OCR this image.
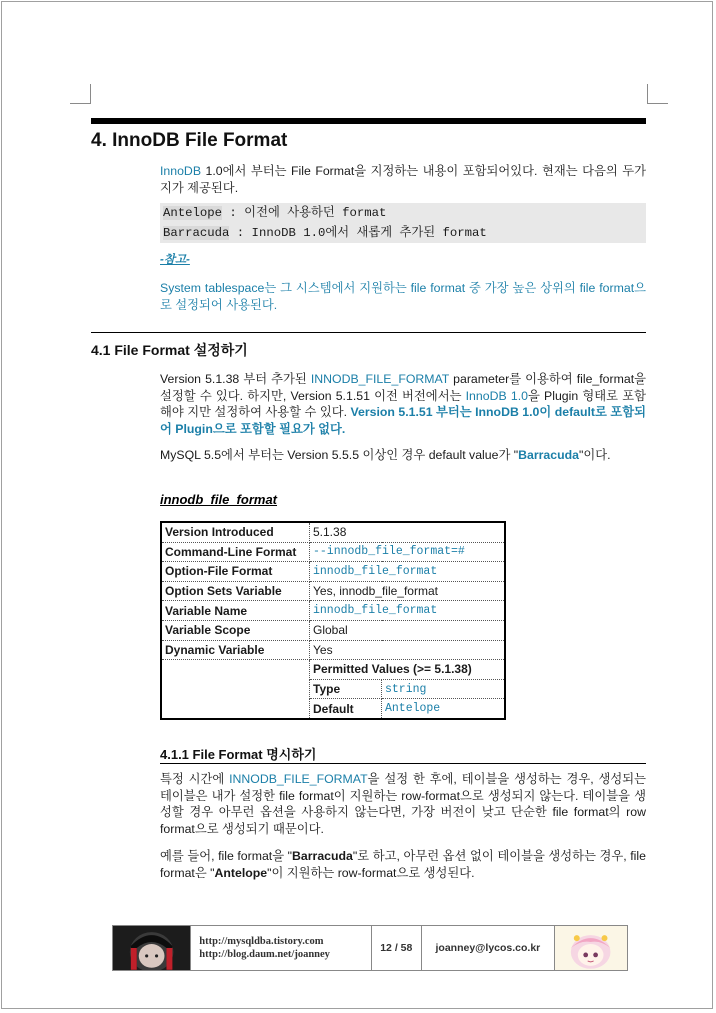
4. InnoDB File Format
InnoDB 1.0에서 부터는 File Format을 지정하는 내용이 포함되어있다. 현재는 다음의 두가지가 제공된다.
Antelope : 이전에 사용하던 format
Barracuda : InnoDB 1.0에서 새롭게 추가된 format
-참고-
System tablespace는 그 시스템에서 지원하는 file format 중 가장 높은 상위의 file format으로 설정되어 사용된다.
4.1 File Format 설정하기
Version 5.1.38 부터 추가된 INNODB_FILE_FORMAT parameter를 이용하여 file_format을 설정할 수 있다. 하지만, Version 5.1.51 이전 버전에서는 InnoDB 1.0을 Plugin 형태로 포함해야 지만 설정하여 사용할 수 있다. Version 5.1.51 부터는 InnoDB 1.0이 default로 포함되어 Plugin으로 포함할 필요가 없다.
MySQL 5.5에서 부터는 Version 5.5.5 이상인 경우 default value가 "Barracuda"이다.
innodb_file_format
Version Introduced	5.1.38	
Command-Line Format	--innodb_file_format=#	
Option-File Format	innodb_file_format	
Option Sets Variable	Yes, innodb_file_format	
Variable Name	innodb_file_format	
Variable Scope	Global	
Dynamic Variable	Yes	
	Permitted Values (>= 5.1.38)	
	Type	string
	Default	Antelope
4.1.1 File Format 명시하기
특정 시간에 INNODB_FILE_FORMAT을 설정 한 후에, 테이블을 생성하는 경우, 생성되는 테이블은 내가 설정한 file format이 지원하는 row-format으로 생성되지 않는다. 테이블을 생성할 경우 아무런 옵션을 사용하지 않는다면, 가장 버전이 낮고 단순한 file format의 row format으로 생성되기 때문이다.
예를 들어, file format을 "Barracuda"로 하고, 아무런 옵션 없이 테이블을 생성하는 경우, file format은 "Antelope"이 지원하는 row-format으로 생성된다.
http://mysqldba.tistory.com
http://blog.daum.net/joanney
12 / 58	joanney@lycos.co.kr
